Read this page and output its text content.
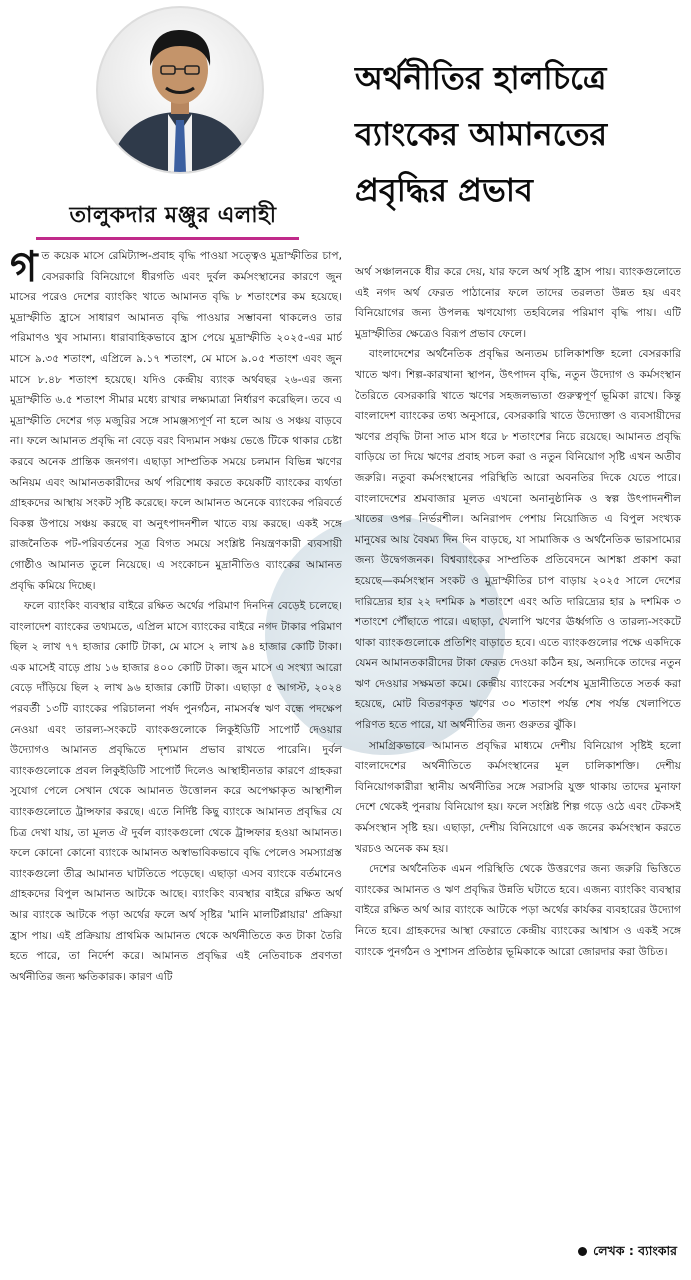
তালুকদার মঞ্জুর এলাহী
অর্থনীতির হালচিত্রে
ব্যাংকের আমানতের
প্রবৃদ্ধির প্রভাব

গত কয়েক মাসে রেমিট্যান্স-প্রবাহ বৃদ্ধি পাওয়া সত্ত্বেও মুদ্রাস্ফীতির চাপ, বেসরকারি বিনিয়োগে ধীরগতি এবং দুর্বল কর্মসংস্থানের কারণে জুন মাসের পরেও দেশের ব্যাংকিং খাতে আমানত বৃদ্ধি ৮ শতাংশের কম হয়েছে। মুদ্রাস্ফীতি হ্রাসে সাধারণ আমানত বৃদ্ধি পাওয়ার সম্ভাবনা থাকলেও তার পরিমাণও খুব সামান্য। ধারাবাহিকভাবে হ্রাস পেয়ে মুদ্রাস্ফীতি ২০২৫-এর মার্চ মাসে ৯.৩৫ শতাংশ, এপ্রিলে ৯.১৭ শতাংশ, মে মাসে ৯.০৫ শতাংশ এবং জুন মাসে ৮.৪৮ শতাংশ হয়েছে। যদিও কেন্দ্রীয় ব্যাংক অর্থবছর ২৬-এর জন্য মুদ্রাস্ফীতি ৬.৫ শতাংশ সীমার মধ্যে রাখার লক্ষ্যমাত্রা নির্ধারণ করেছিল। তবে এ মুদ্রাস্ফীতি দেশের গড় মজুরির সঙ্গে সামঞ্জস্যপূর্ণ না হলে আয় ও সঞ্চয় বাড়বে না। ফলে আমানত প্রবৃদ্ধি না বেড়ে বরং বিদ্যমান সঞ্চয় ভেঙে টিকে থাকার চেষ্টা করবে অনেক প্রান্তিক জনগণ। এছাড়া সাম্প্রতিক সময়ে চলমান বিভিন্ন ঋণের অনিয়ম এবং আমানতকারীদের অর্থ পরিশোধ করতে কয়েকটি ব্যাংকের ব্যর্থতা গ্রাহকদের আস্থায় সংকট সৃষ্টি করেছে। ফলে আমানত অনেকে ব্যাংকের পরিবর্তে বিকল্প উপায়ে সঞ্চয় করছে বা অনুৎপাদনশীল খাতে ব্যয় করছে। একই সঙ্গে রাজনৈতিক পট-পরিবর্তনের সূত্র বিগত সময়ে সংশ্লিষ্ট নিয়ন্ত্রণকারী ব্যবসায়ী গোষ্ঠীও আমানত তুলে নিয়েছে। এ সংকোচন মুদ্রানীতিও ব্যাংকের আমানত প্রবৃদ্ধি কমিয়ে দিচ্ছে।

ফলে ব্যাংকিং ব্যবস্থার বাইরে রক্ষিত অর্থের পরিমাণ দিনদিন বেড়েই চলেছে। বাংলাদেশ ব্যাংকের তথ্যমতে, এপ্রিল মাসে ব্যাংকের বাইরে নগদ টাকার পরিমাণ ছিল ২ লাখ ৭৭ হাজার কোটি টাকা, মে মাসে ২ লাখ ৯৪ হাজার কোটি টাকা। এক মাসেই বাড়ে প্রায় ১৬ হাজার ৪০০ কোটি টাকা। জুন মাসে এ সংখ্যা আরো বেড়ে দাঁড়িয়ে ছিল ২ লাখ ৯৬ হাজার কোটি টাকা। এছাড়া ৫ আগস্ট, ২০২৪ পরবর্তী ১৩টি ব্যাংকের পরিচালনা পর্ষদ পুনর্গঠন, নামসর্বস্ব ঋণ বন্ধে পদক্ষেপ নেওয়া এবং তারল্য-সংকটে ব্যাংকগুলোকে লিকুইডিটি সাপোর্ট দেওয়ার উদ্যোগও আমানত প্রবৃদ্ধিতে দৃশ্যমান প্রভাব রাখতে পারেনি। দুর্বল ব্যাংকগুলোকে প্রবল লিকুইডিটি সাপোর্ট দিলেও আস্থাহীনতার কারণে গ্রাহকরা সুযোগ পেলে সেখান থেকে আমানত উত্তোলন করে অপেক্ষাকৃত আস্থাশীল ব্যাংকগুলোতে ট্রান্সফার করছে। এতে নির্দিষ্ট কিছু ব্যাংকে আমানত প্রবৃদ্ধির যে চিত্র দেখা যায়, তা মূলত ঐ দুর্বল ব্যাংকগুলো থেকে ট্রান্সফার হওয়া আমানত। ফলে কোনো কোনো ব্যাংকে আমানত অস্বাভাবিকভাবে বৃদ্ধি পেলেও সমস্যাগ্রস্ত ব্যাংকগুলো তীব্র আমানত ঘাটতিতে পড়েছে। এছাড়া এসব ব্যাংকে বর্তমানেও গ্রাহকদের বিপুল আমানত আটকে আছে। ব্যাংকিং ব্যবস্থার বাইরে রক্ষিত অর্থ আর ব্যাংকে আটকে পড়া অর্থের ফলে অর্থ সৃষ্টির 'মানি মালটিপ্লায়ার' প্রক্রিয়া হ্রাস পায়। এই প্রক্রিয়ায় প্রাথমিক আমানত থেকে অর্থনীতিতে কত টাকা তৈরি হতে পারে, তা নির্দেশ করে। আমানত প্রবৃদ্ধির এই নেতিবাচক প্রবণতা অর্থনীতির জন্য ক্ষতিকারক। কারণ এটি

অর্থ সঞ্চালনকে ধীর করে দেয়, যার ফলে অর্থ সৃষ্টি হ্রাস পায়। ব্যাংকগুলোতে এই নগদ অর্থ ফেরত পাঠানোর ফলে তাদের তরলতা উন্নত হয় এবং বিনিয়োগের জন্য উপলব্ধ ঋণযোগ্য তহবিলের পরিমাণ বৃদ্ধি পায়। এটি মুদ্রাস্ফীতির ক্ষেত্রেও বিরূপ প্রভাব ফেলে।

বাংলাদেশের অর্থনৈতিক প্রবৃদ্ধির অন্যতম চালিকাশক্তি হলো বেসরকারি খাতে ঋণ। শিল্প-কারখানা স্থাপন, উৎপাদন বৃদ্ধি, নতুন উদ্যোগ ও কর্মসংস্থান তৈরিতে বেসরকারি খাতে ঋণের সহজলভ্যতা গুরুত্বপূর্ণ ভূমিকা রাখে। কিন্তু বাংলাদেশ ব্যাংকের তথ্য অনুসারে, বেসরকারি খাতে উদ্যোক্তা ও ব্যবসায়ীদের ঋণের প্রবৃদ্ধি টানা সাত মাস ধরে ৮ শতাংশের নিচে রয়েছে। আমানত প্রবৃদ্ধি বাড়িয়ে তা দিয়ে ঋণের প্রবাহ সচল করা ও নতুন বিনিয়োগ সৃষ্টি এখন অতীব জরুরি। নতুবা কর্মসংস্থানের পরিস্থিতি আরো অবনতির দিকে যেতে পারে। বাংলাদেশের শ্রমবাজার মূলত এখনো অনানুষ্ঠানিক ও স্বল্প উৎপাদনশীল খাতের ওপর নির্ভরশীল। অনিরাপদ পেশায় নিয়োজিত এ বিপুল সংখ্যক মানুষের আয় বৈষম্য দিন দিন বাড়ছে, যা সামাজিক ও অর্থনৈতিক ভারসাম্যের জন্য উদ্বেগজনক। বিশ্বব্যাংকের সাম্প্রতিক প্রতিবেদনে আশঙ্কা প্রকাশ করা হয়েছে—কর্মসংস্থান সংকট ও মুদ্রাস্ফীতির চাপ বাড়ায় ২০২৫ সালে দেশের দারিদ্র্যের হার ২২ দশমিক ৯ শতাংশে এবং অতি দারিদ্র্যের হার ৯ দশমিক ৩ শতাংশে পৌঁছাতে পারে। এছাড়া, খেলাপি ঋণের ঊর্ধ্বগতি ও তারল্য-সংকটে থাকা ব্যাংকগুলোকে প্রতিশিং বাড়াতে হবে। এতে ব্যাংকগুলোর পক্ষে একদিকে যেমন আমানতকারীদের টাকা ফেরত দেওয়া কঠিন হয়, অন্যদিকে তাদের নতুন ঋণ দেওয়ার সক্ষমতা কমে। কেন্দ্রীয় ব্যাংকের সর্বশেষ মুদ্রানীতিতে সতর্ক করা হয়েছে, মোট বিতরণকৃত ঋণের ৩০ শতাংশ পর্যন্ত শেষ পর্যন্ত খেলাপিতে পরিণত হতে পারে, যা অর্থনীতির জন্য গুরুতর ঝুঁকি।

সামগ্রিকভাবে আমানত প্রবৃদ্ধির মাধ্যমে দেশীয় বিনিয়োগ সৃষ্টিই হলো বাংলাদেশের অর্থনীতিতে কর্মসংস্থানের মূল চালিকাশক্তি। দেশীয় বিনিয়োগকারীরা স্থানীয় অর্থনীতির সঙ্গে সরাসরি যুক্ত থাকায় তাদের মুনাফা দেশে থেকেই পুনরায় বিনিয়োগ হয়। ফলে সংশ্লিষ্ট শিল্প গড়ে ওঠে এবং টেকসই কর্মসংস্থান সৃষ্টি হয়। এছাড়া, দেশীয় বিনিয়োগে এক জনের কর্মসংস্থান করতে খরচও অনেক কম হয়।

দেশের অর্থনৈতিক এমন পরিস্থিতি থেকে উত্তরণের জন্য জরুরি ভিত্তিতে ব্যাংকের আমানত ও ঋণ প্রবৃদ্ধির উন্নতি ঘটাতে হবে। এজন্য ব্যাংকিং ব্যবস্থার বাইরে রক্ষিত অর্থ আর ব্যাংকে আটকে পড়া অর্থের কার্যকর ব্যবহারের উদ্যোগ নিতে হবে। গ্রাহকদের আস্থা ফেরাতে কেন্দ্রীয় ব্যাংকের আশ্বাস ও একই সঙ্গে ব্যাংকে পুনর্গঠন ও সুশাসন প্রতিষ্ঠার ভূমিকাকে আরো জোরদার করা উচিত।

লেখক : ব্যাংকার
